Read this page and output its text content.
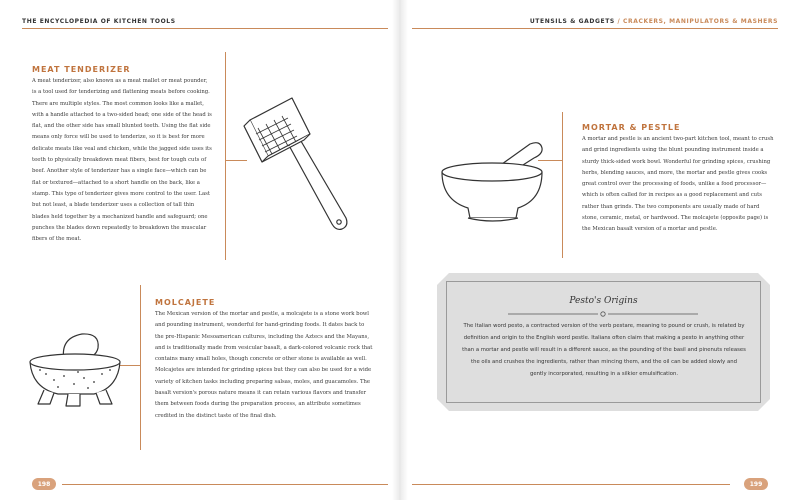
THE ENCYCLOPEDIA OF KITCHEN TOOLS
MEAT TENDERIZER
A meat tenderizer, also known as a meat mallet or meat pounder, is a tool used for tenderizing and flattening meats before cooking. There are multiple styles. The most common looks like a mallet, with a handle attached to a two-sided head; one side of the head is flat, and the other side has small blunted teeth. Using the flat side means only force will be used to tenderize, so it is best for more delicate meats like veal and chicken, while the jagged side uses its teeth to physically breakdown meat fibers, best for tough cuts of beef. Another style of tenderizer has a single face—which can be flat or textured—attached to a short handle on the back, like a stamp. This type of tenderizer gives more control to the user. Last but not least, a blade tenderizer uses a collection of tall thin blades held together by a mechanized handle and safeguard; one punches the blades down repeatedly to breakdown the muscular fibers of the meat.
MOLCAJETE
The Mexican version of the mortar and pestle, a molcajete is a stone work bowl and pounding instrument, wonderful for hand-grinding foods. It dates back to the pre-Hispanic Mesoamerican cultures, including the Aztecs and the Mayans, and is traditionally made from vesicular basalt, a dark-colored volcanic rock that contains many small holes, though concrete or other stone is available as well. Molcajetes are intended for grinding spices but they can also be used for a wide variety of kitchen tasks including preparing salsas, moles, and guacamoles. The basalt version's porous nature means it can retain various flavors and transfer them between foods during the preparation process, an attribute sometimes credited in the distinct taste of the final dish.
198
UTENSILS & GADGETS / CRACKERS, MANIPULATORS & MASHERS
MORTAR & PESTLE
A mortar and pestle is an ancient two-part kitchen tool, meant to crush and grind ingredients using the blunt pounding instrument inside a sturdy thick-sided work bowl. Wonderful for grinding spices, crushing herbs, blending sauces, and more, the mortar and pestle gives cooks great control over the processing of foods, unlike a food processor—which is often called for in recipes as a good replacement and cuts rather than grinds. The two components are usually made of hard stone, ceramic, metal, or hardwood. The molcajete (opposite page) is the Mexican basalt version of a mortar and pestle.
Pesto's Origins
The Italian word pesto, a contracted version of the verb pestare, meaning to pound or crush, is related by definition and origin to the English word pestle. Italians often claim that making a pesto in anything other than a mortar and pestle will result in a different sauce, as the pounding of the basil and pinenuts releases the oils and crushes the ingredients, rather than mincing them, and the oil can be added slowly and gently incorporated, resulting in a silkier emulsification.
199
